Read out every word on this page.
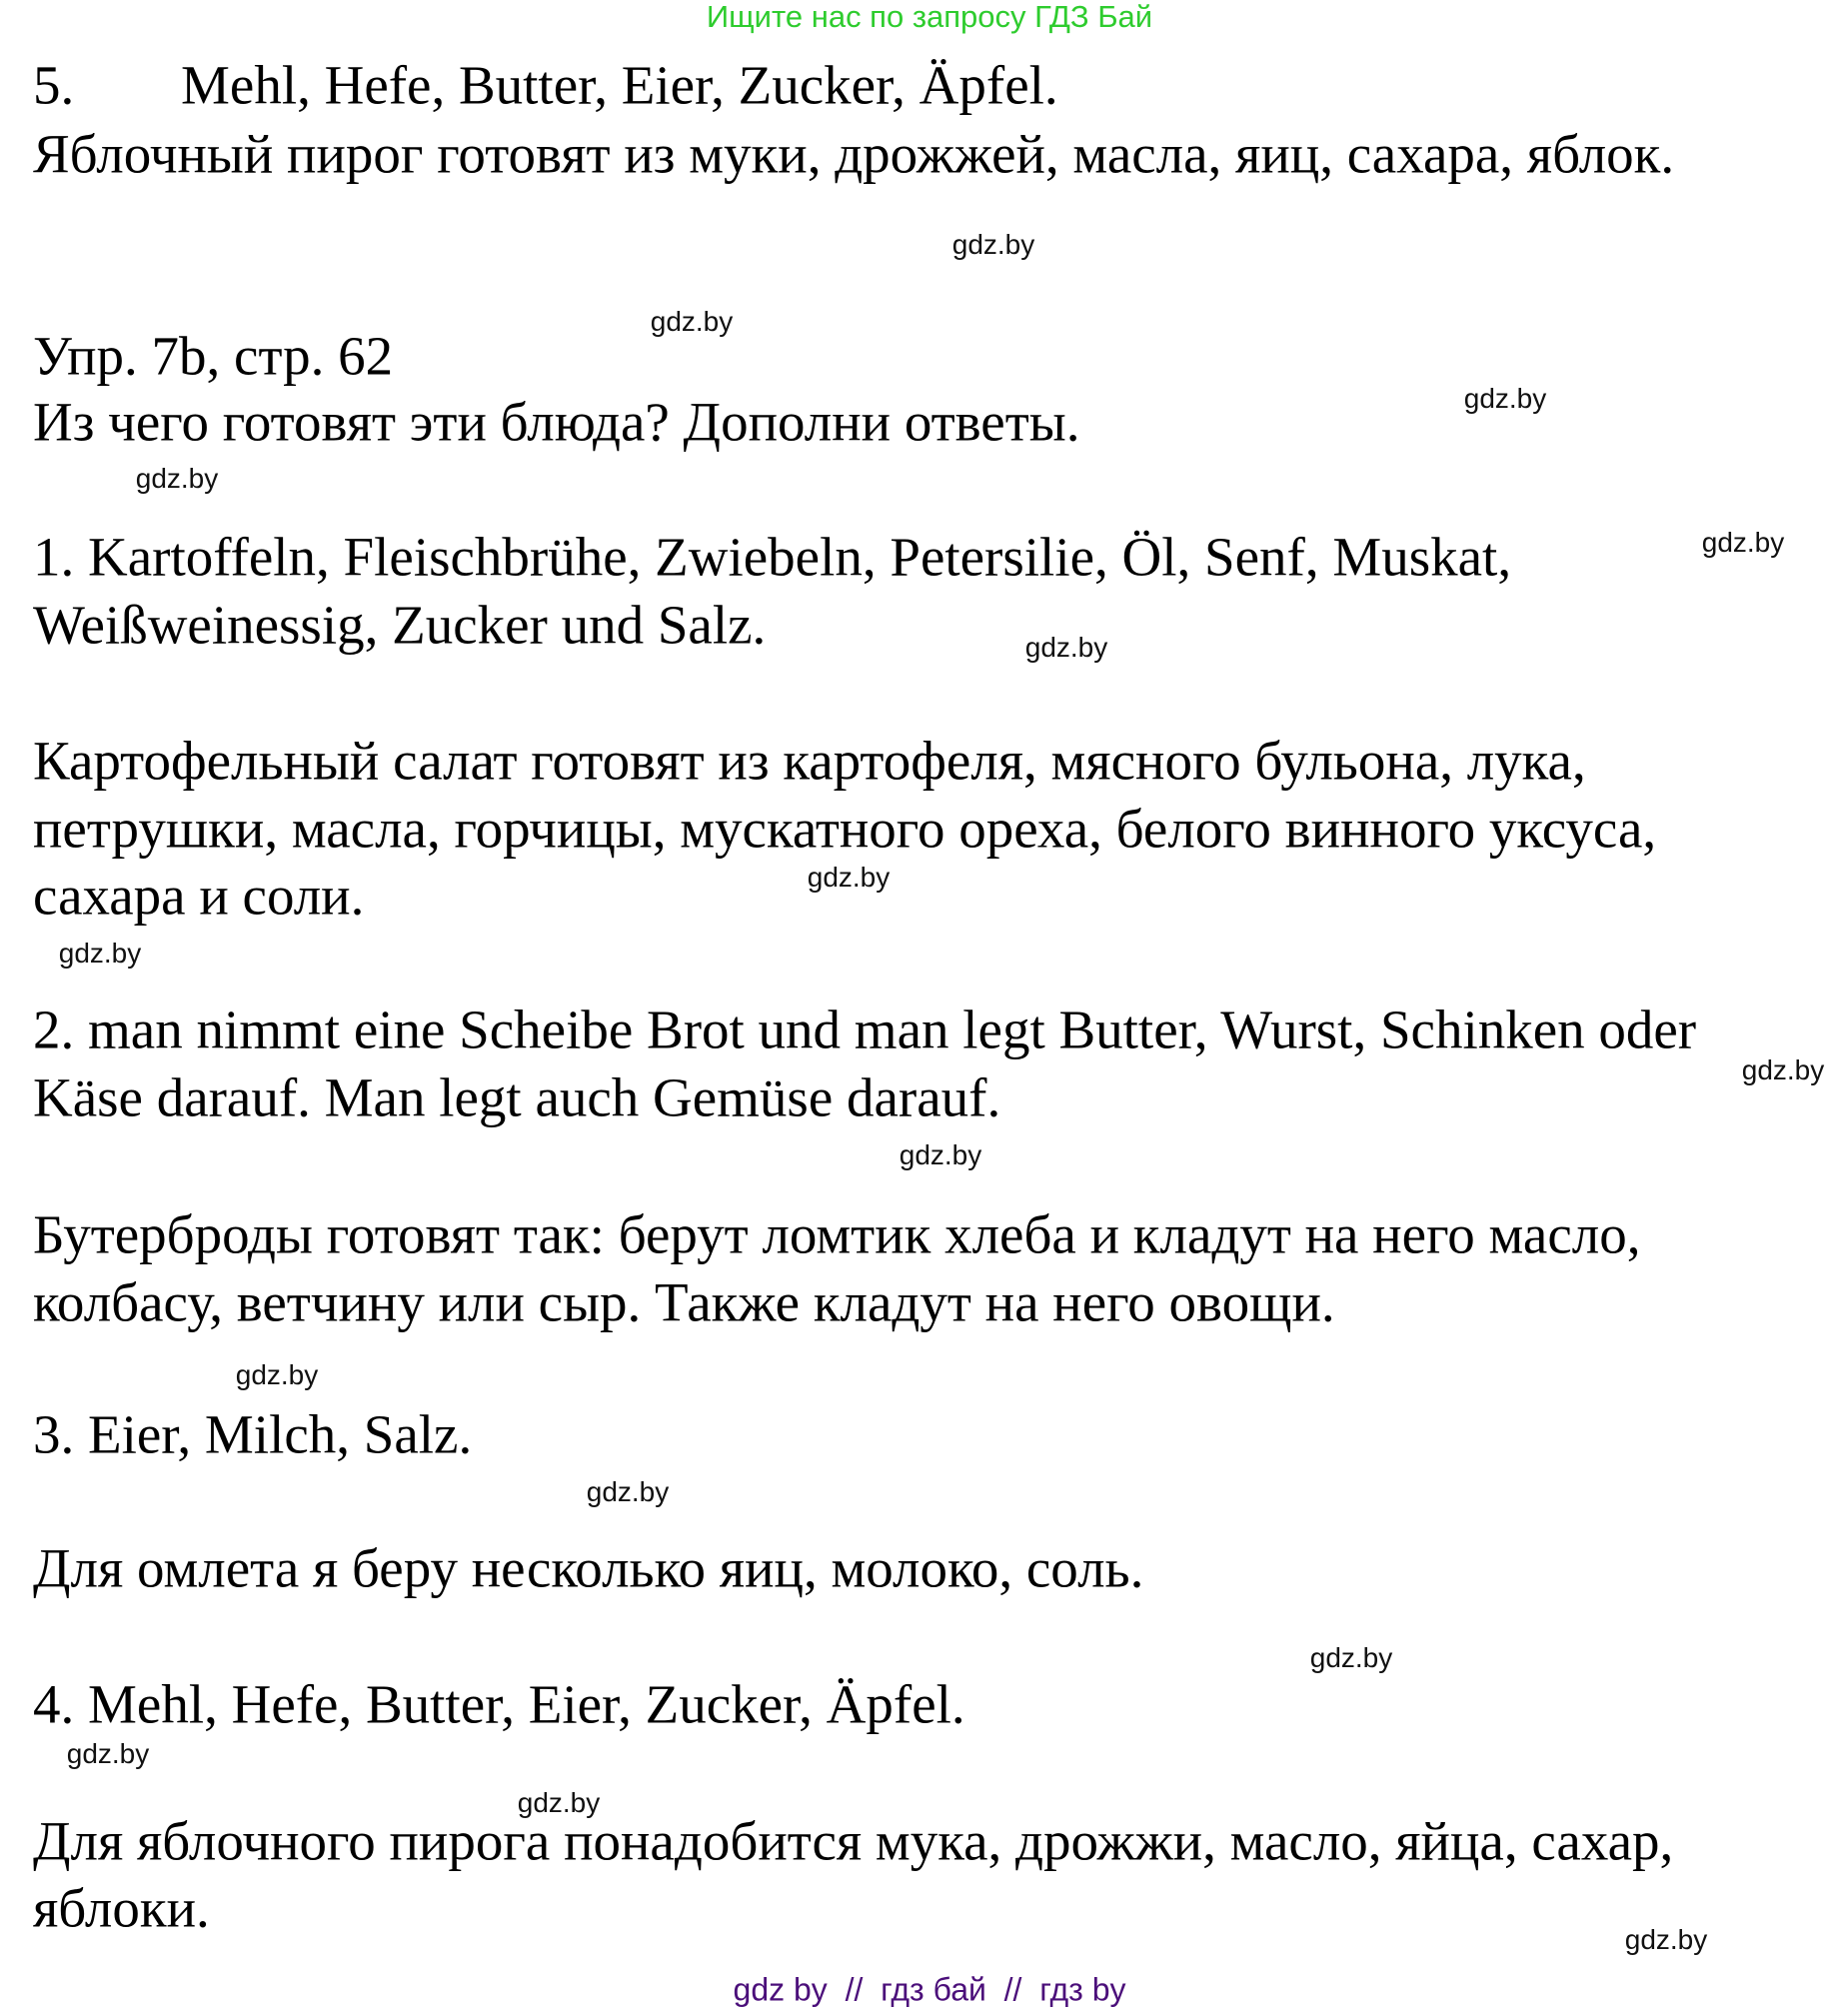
Ищите нас по запросу ГДЗ Бай
5. Mehl, Hefe, Butter, Eier, Zucker, Äpfel.
Яблочный пирог готовят из муки, дрожжей, масла, яиц, сахара, яблок.
Упр. 7b, стр. 62
Из чего готовят эти блюда? Дополни ответы.
1. Kartoffeln, Fleischbrühe, Zwiebeln, Petersilie, Öl, Senf, Muskat,
Weißweinessig, Zucker und Salz.
Картофельный салат готовят из картофеля, мясного бульона, лука,
петрушки, масла, горчицы, мускатного ореха, белого винного уксуса,
сахара и соли.
2. man nimmt eine Scheibe Brot und man legt Butter, Wurst, Schinken oder
Käse darauf. Man legt auch Gemüse darauf.
Бутерброды готовят так: берут ломтик хлеба и кладут на него масло,
колбасу, ветчину или сыр. Также кладут на него овощи.
3. Eier, Milch, Salz.
Для омлета я беру несколько яиц, молоко, соль.
4. Mehl, Hefe, Butter, Eier, Zucker, Äpfel.
Для яблочного пирога понадобится мука, дрожжи, масло, яйца, сахар,
яблоки.
gdz.by
gdz.by
gdz.by
gdz.by
gdz.by
gdz.by
gdz.by
gdz.by
gdz.by
gdz.by
gdz.by
gdz.by
gdz.by
gdz.by
gdz.by
gdz.by
gdz by  //  гдз бай  //  гдз by
